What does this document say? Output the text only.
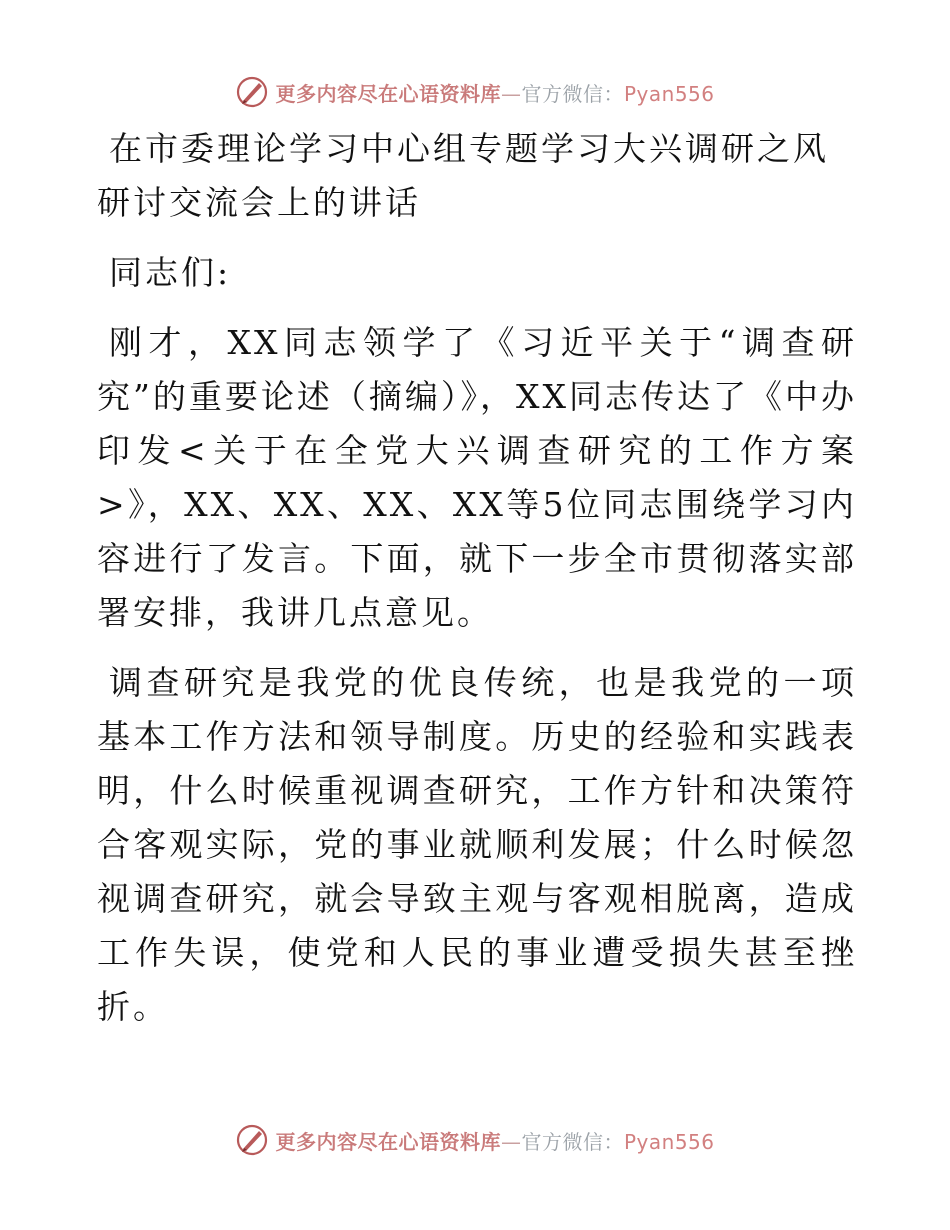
更多内容尽在心语资料库—官方微信：Pyan556
在市委理论学习中心组专题学习大兴调研之风研讨交流会上的讲话

同志们:

刚才，XX同志领学了《习近平关于“调查研究”的重要论述（摘编）》，XX同志传达了《中办印发<关于在全党大兴调查研究的工作方案>》，XX、XX、XX、XX等5位同志围绕学习内容进行了发言。下面，就下一步全市贯彻落实部署安排，我讲几点意见。

调查研究是我党的优良传统，也是我党的一项基本工作方法和领导制度。历史的经验和实践表明，什么时候重视调查研究，工作方针和决策符合客观实际，党的事业就顺利发展；什么时候忽视调查研究，就会导致主观与客观相脱离，造成工作失误，使党和人民的事业遭受损失甚至挫折。

更多内容尽在心语资料库—官方微信：Pyan556
